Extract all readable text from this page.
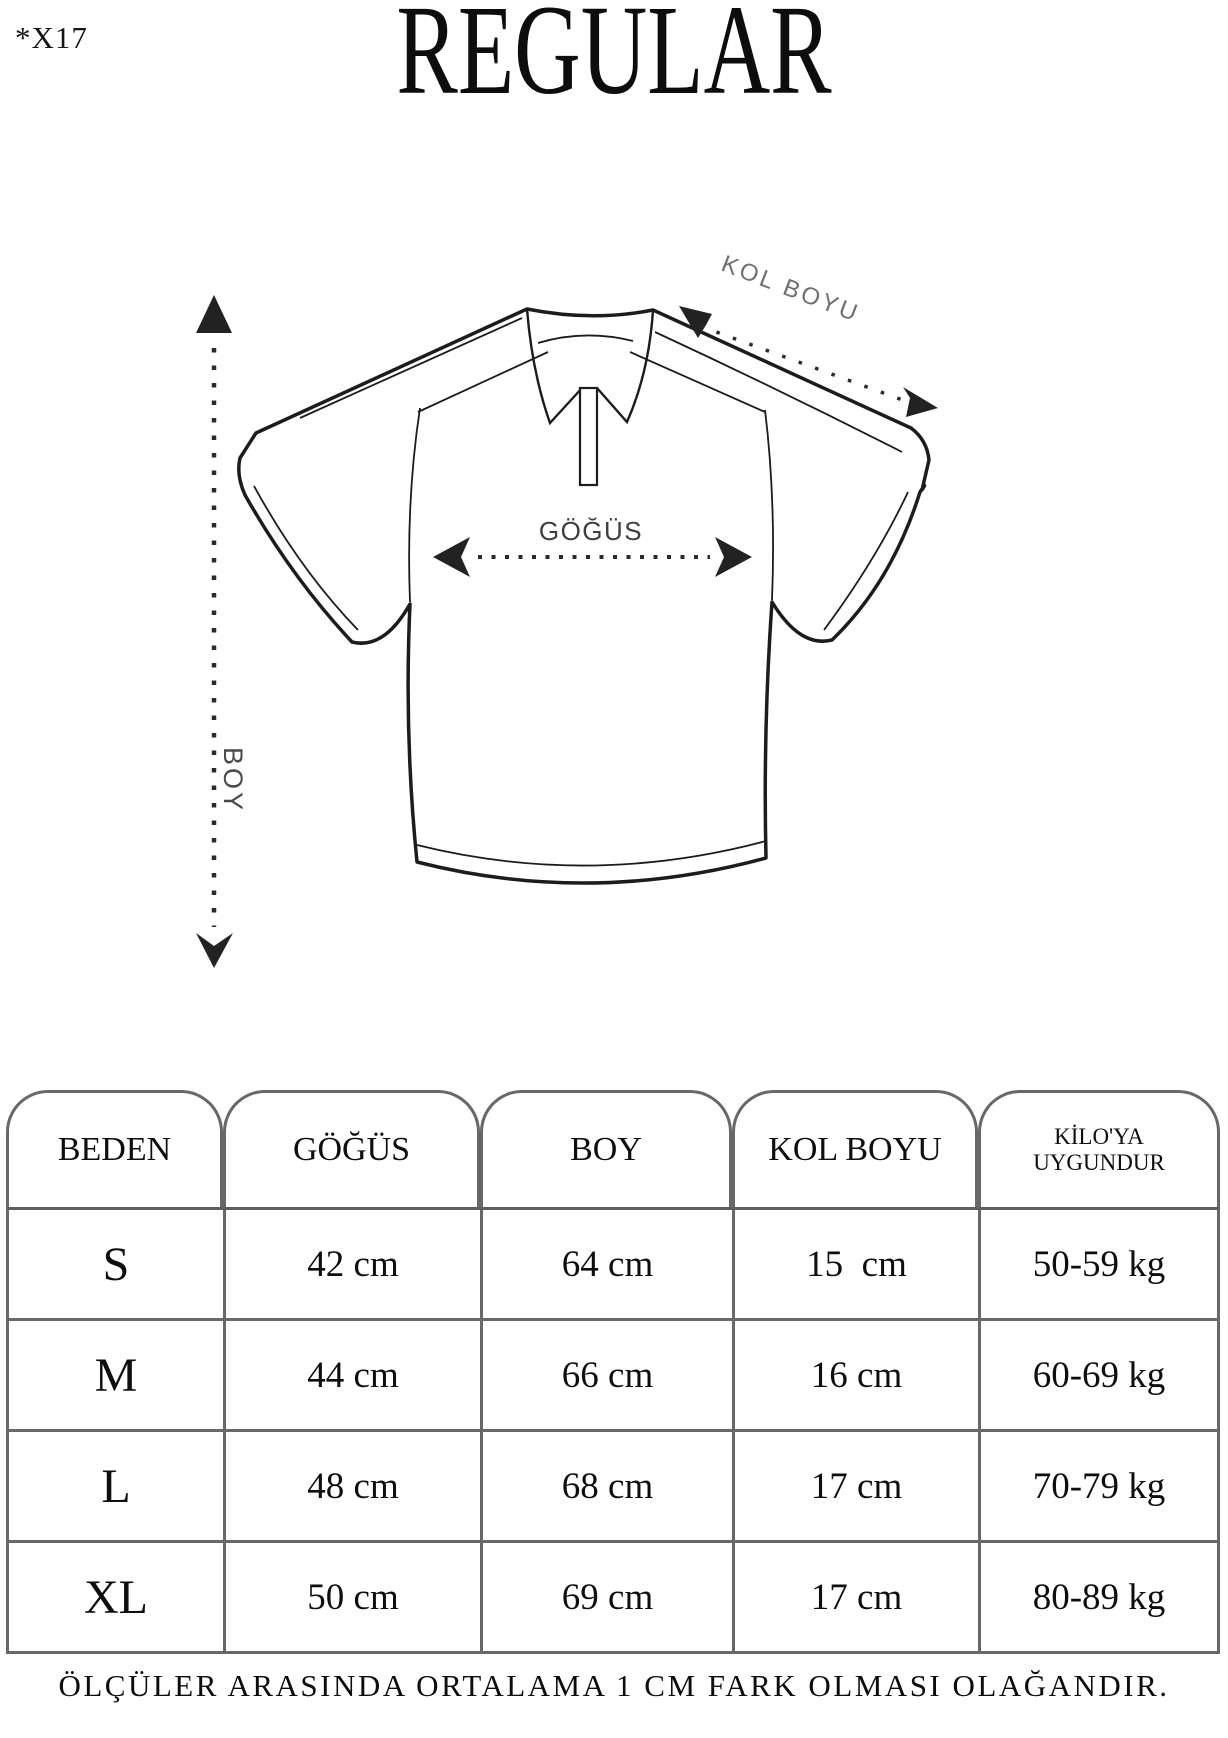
*X17 REGULAR
BOY
KOL BOYU
GÖĞÜS
BEDEN	GÖĞÜS	BOY	KOL BOYU	KİLO'YA UYGUNDUR
S	42 cm	64 cm	15  cm	50-59 kg
M	44 cm	66 cm	16 cm	60-69 kg
L	48 cm	68 cm	17 cm	70-79 kg
XL	50 cm	69 cm	17 cm	80-89 kg
ÖLÇÜLER ARASINDA ORTALAMA 1 CM FARK OLMASI OLAĞANDIR.
